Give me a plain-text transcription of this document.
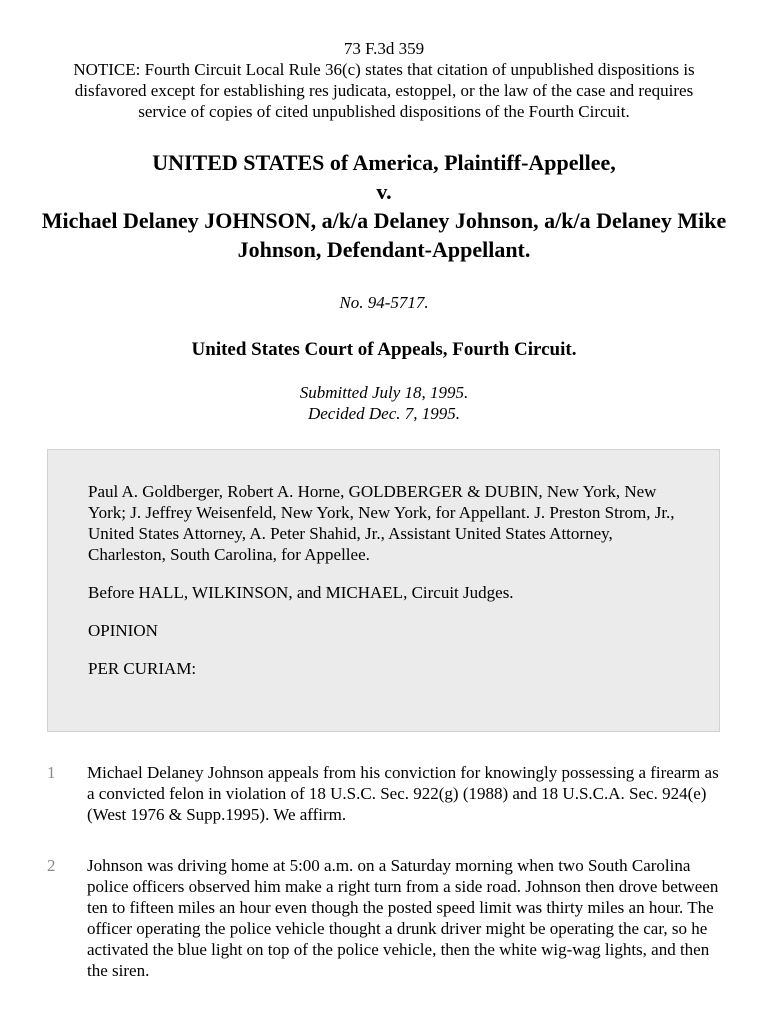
73 F.3d 359
NOTICE: Fourth Circuit Local Rule 36(c) states that citation of unpublished dispositions is disfavored except for establishing res judicata, estoppel, or the law of the case and requires service of copies of cited unpublished dispositions of the Fourth Circuit.
UNITED STATES of America, Plaintiff-Appellee,
v.
Michael Delaney JOHNSON, a/k/a Delaney Johnson, a/k/a Delaney Mike Johnson, Defendant-Appellant.
No. 94-5717.
United States Court of Appeals, Fourth Circuit.
Submitted July 18, 1995.
Decided Dec. 7, 1995.

Paul A. Goldberger, Robert A. Horne, GOLDBERGER & DUBIN, New York, New York; J. Jeffrey Weisenfeld, New York, New York, for Appellant. J. Preston Strom, Jr., United States Attorney, A. Peter Shahid, Jr., Assistant United States Attorney, Charleston, South Carolina, for Appellee.

Before HALL, WILKINSON, and MICHAEL, Circuit Judges.

OPINION

PER CURIAM:

1	Michael Delaney Johnson appeals from his conviction for knowingly possessing a firearm as a convicted felon in violation of 18 U.S.C. Sec. 922(g) (1988) and 18 U.S.C.A. Sec. 924(e) (West 1976 & Supp.1995). We affirm.
2	Johnson was driving home at 5:00 a.m. on a Saturday morning when two South Carolina police officers observed him make a right turn from a side road. Johnson then drove between ten to fifteen miles an hour even though the posted speed limit was thirty miles an hour. The officer operating the police vehicle thought a drunk driver might be operating the car, so he activated the blue light on top of the police vehicle, then the white wig-wag lights, and then the siren.
